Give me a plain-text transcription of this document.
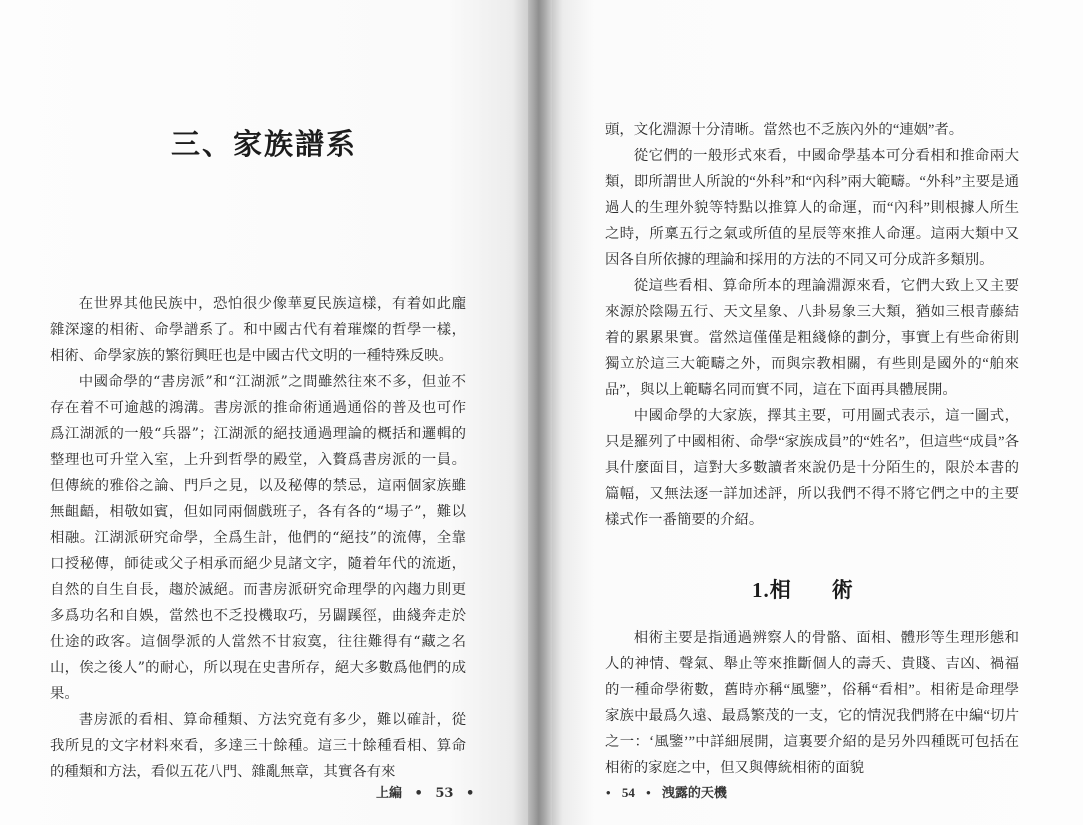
三、家族譜系

在世界其他民族中，恐怕很少像華夏民族這樣，有着如此龐雜深邃的相術、命學譜系了。和中國古代有着璀燦的哲學一樣，相術、命學家族的繁衍興旺也是中國古代文明的一種特殊反映。

中國命學的“書房派”和“江湖派”之間雖然往來不多，但並不存在着不可逾越的鴻溝。書房派的推命術通過通俗的普及也可作爲江湖派的一般“兵器”；江湖派的絕技通過理論的概括和邏輯的整理也可升堂入室，上升到哲學的殿堂，入贅爲書房派的一員。但傳統的雅俗之論、門戶之見，以及秘傳的禁忌，這兩個家族雖無齟齬，相敬如賓，但如同兩個戲班子，各有各的“場子”，難以相融。江湖派研究命學，全爲生計，他們的“絕技”的流傳，全靠口授秘傳，師徒或父子相承而絕少見諸文字，隨着年代的流逝，自然的自生自長，趨於滅絕。而書房派研究命理學的內趨力則更多爲功名和自娛，當然也不乏投機取巧，另闢蹊徑，曲綫奔走於仕途的政客。這個學派的人當然不甘寂寞，往往難得有“藏之名山，俟之後人”的耐心，所以現在史書所存，絕大多數爲他們的成果。

書房派的看相、算命種類、方法究竟有多少，難以確計，從我所見的文字材料來看，多達三十餘種。這三十餘種看相、算命的種類和方法，看似五花八門、雜亂無章，其實各有來

上編 • 53 •

頭，文化淵源十分清晰。當然也不乏族內外的“連姻”者。

從它們的一般形式來看，中國命學基本可分看相和推命兩大類，即所謂世人所說的“外科”和“內科”兩大範疇。“外科”主要是通過人的生理外貌等特點以推算人的命運，而“內科”則根據人所生之時，所稟五行之氣或所值的星辰等來推人命運。這兩大類中又因各自所依據的理論和採用的方法的不同又可分成許多類別。

從這些看相、算命所本的理論淵源來看，它們大致上又主要來源於陰陽五行、天文星象、八卦易象三大類，猶如三根青藤結着的累累果實。當然這僅僅是粗綫條的劃分，事實上有些命術則獨立於這三大範疇之外，而與宗教相關，有些則是國外的“舶來品”，與以上範疇名同而實不同，這在下面再具體展開。

中國命學的大家族，擇其主要，可用圖式表示，這一圖式，只是羅列了中國相術、命學“家族成員”的“姓名”，但這些“成員”各具什麼面目，這對大多數讀者來說仍是十分陌生的，限於本書的篇幅，又無法逐一詳加述評，所以我們不得不將它們之中的主要樣式作一番簡要的介紹。

1.相 術

相術主要是指通過辨察人的骨骼、面相、體形等生理形態和人的神情、聲氣、舉止等來推斷個人的壽夭、貴賤、吉凶、禍福的一種命學術數，舊時亦稱“風鑒”，俗稱“看相”。相術是命理學家族中最爲久遠、最爲繁茂的一支，它的情況我們將在中編“切片之一：‘風鑒’”中詳細展開，這裏要介紹的是另外四種既可包括在相術的家庭之中，但又與傳統相術的面貌

• 54 • 洩露的天機
